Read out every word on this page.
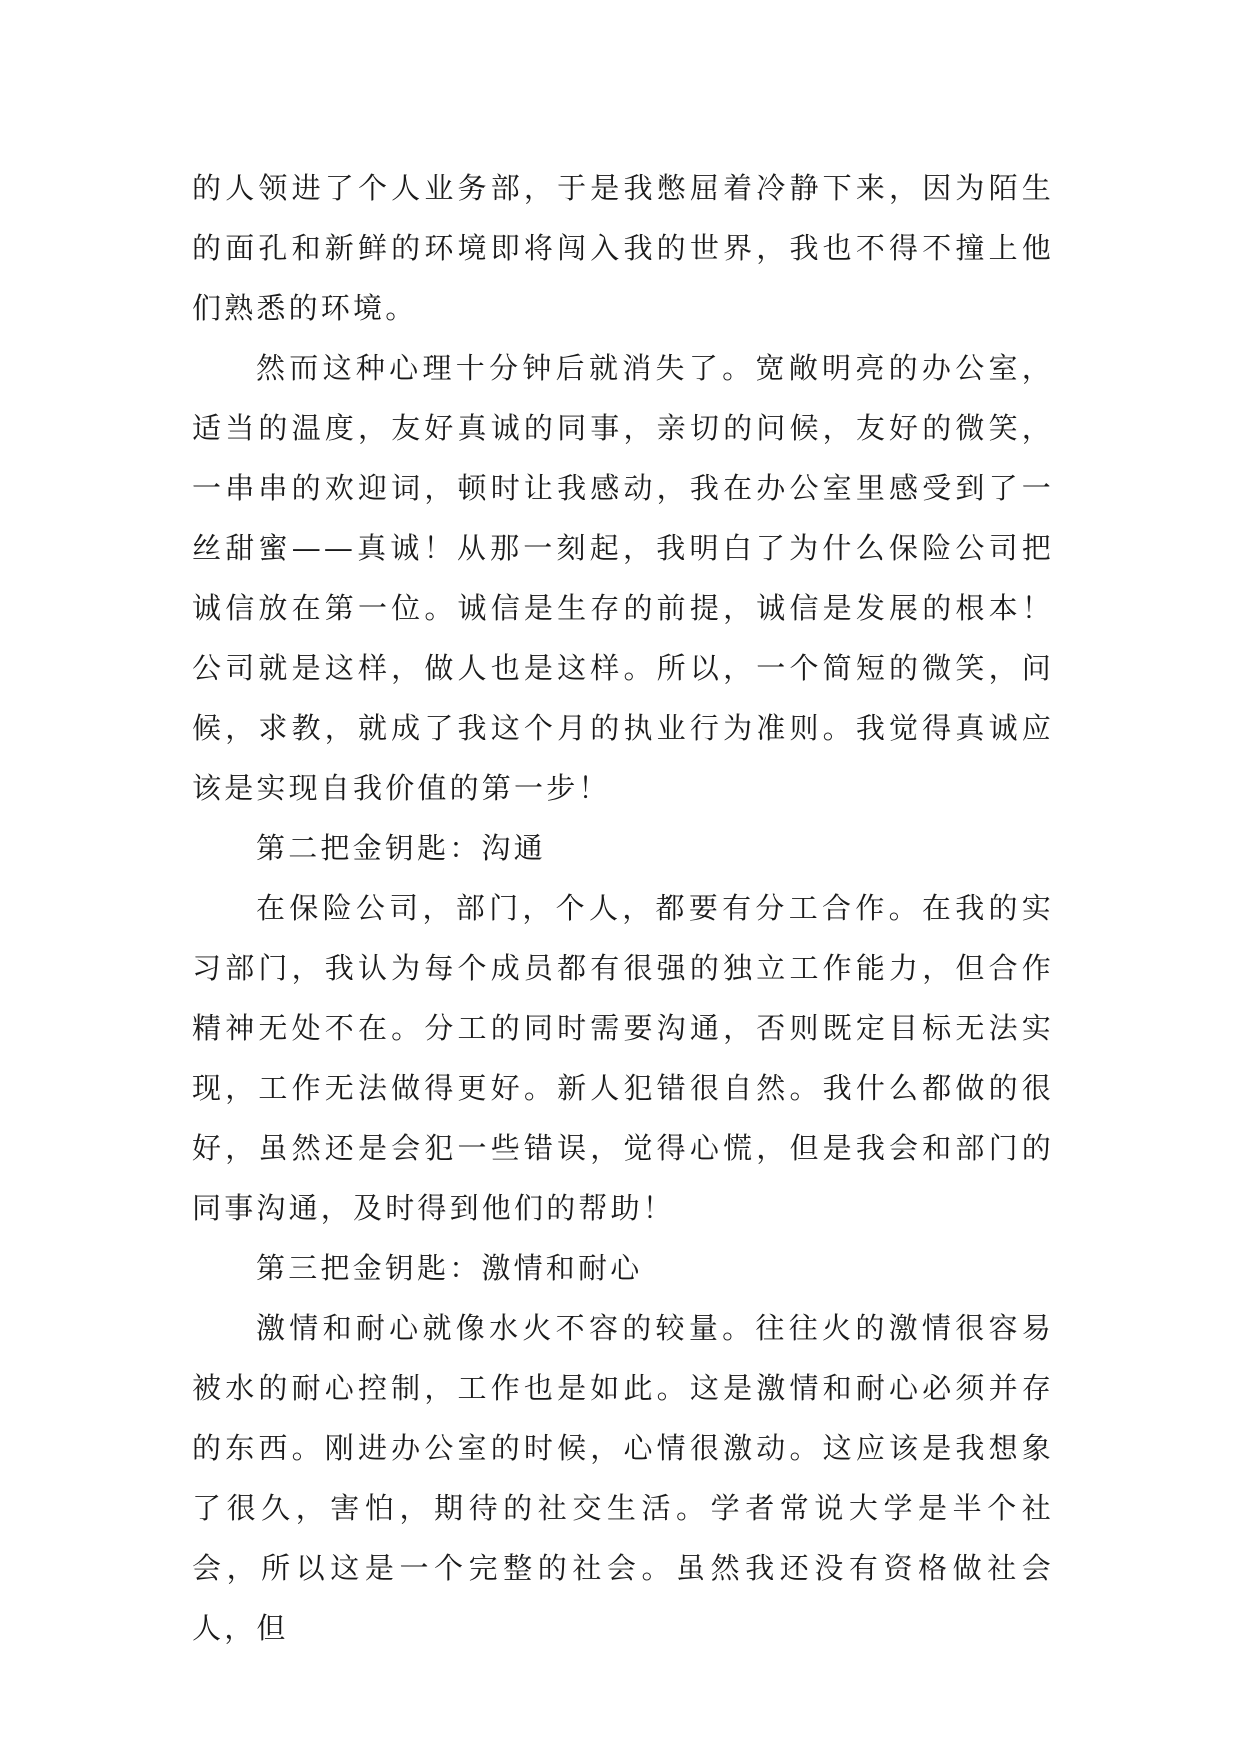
的人领进了个人业务部，于是我憋屈着冷静下来，因为陌生的面孔和新鲜的环境即将闯入我的世界，我也不得不撞上他们熟悉的环境。

然而这种心理十分钟后就消失了。宽敞明亮的办公室，适当的温度，友好真诚的同事，亲切的问候，友好的微笑，一串串的欢迎词，顿时让我感动，我在办公室里感受到了一丝甜蜜——真诚！从那一刻起，我明白了为什么保险公司把诚信放在第一位。诚信是生存的前提，诚信是发展的根本！公司就是这样，做人也是这样。所以，一个简短的微笑，问候，求教，就成了我这个月的执业行为准则。我觉得真诚应该是实现自我价值的第一步！

第二把金钥匙：沟通

在保险公司，部门，个人，都要有分工合作。在我的实习部门，我认为每个成员都有很强的独立工作能力，但合作精神无处不在。分工的同时需要沟通，否则既定目标无法实现，工作无法做得更好。新人犯错很自然。我什么都做的很好，虽然还是会犯一些错误，觉得心慌，但是我会和部门的同事沟通，及时得到他们的帮助！

第三把金钥匙：激情和耐心

激情和耐心就像水火不容的较量。往往火的激情很容易被水的耐心控制，工作也是如此。这是激情和耐心必须并存的东西。刚进办公室的时候，心情很激动。这应该是我想象了很久，害怕，期待的社交生活。学者常说大学是半个社会，所以这是一个完整的社会。虽然我还没有资格做社会人，但
